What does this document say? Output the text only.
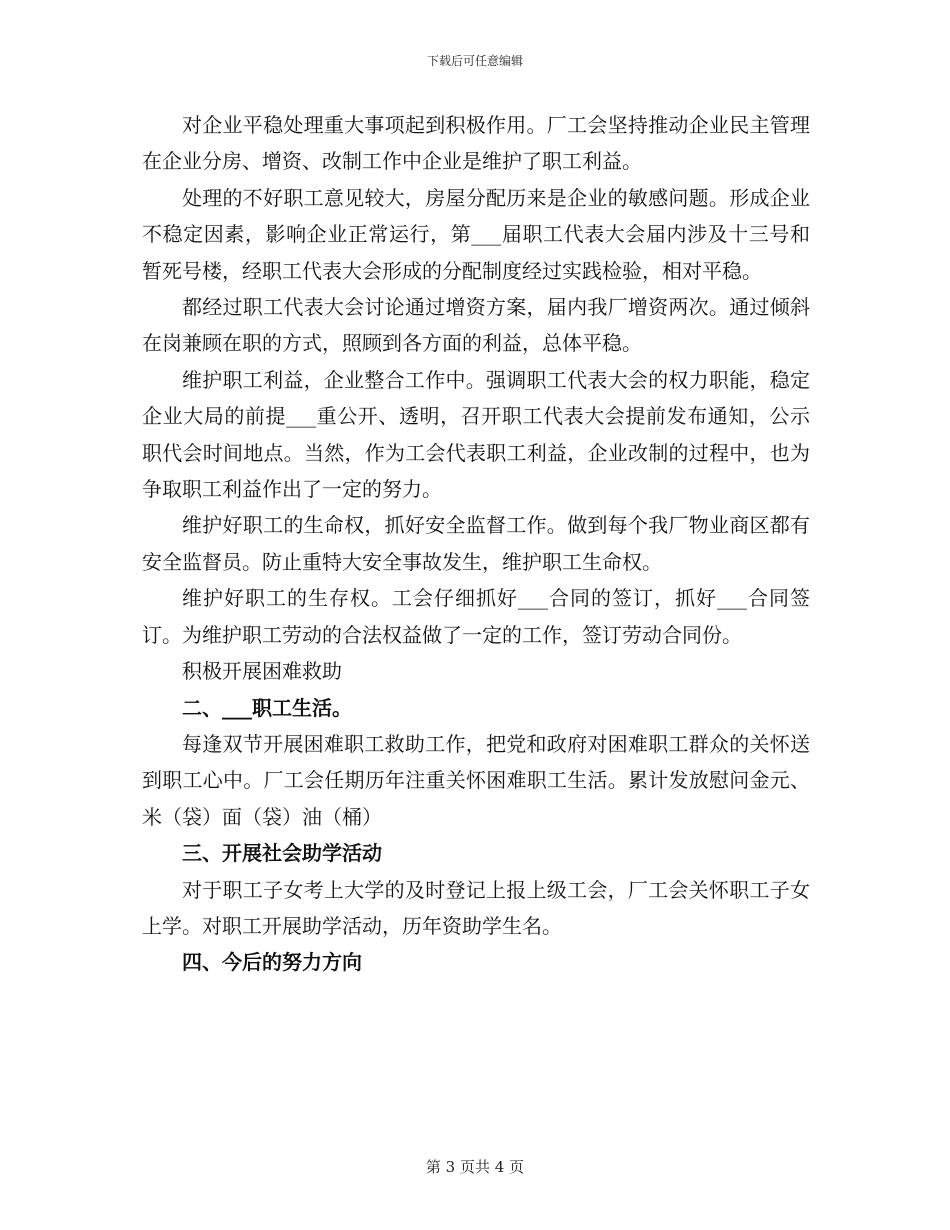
下载后可任意编辑

对企业平稳处理重大事项起到积极作用。厂工会坚持推动企业民主管理在企业分房、增资、改制工作中企业是维护了职工利益。

处理的不好职工意见较大，房屋分配历来是企业的敏感问题。形成企业不稳定因素，影响企业正常运行，第___届职工代表大会届内涉及十三号和暂死号楼，经职工代表大会形成的分配制度经过实践检验，相对平稳。

都经过职工代表大会讨论通过增资方案，届内我厂增资两次。通过倾斜在岗兼顾在职的方式，照顾到各方面的利益，总体平稳。

维护职工利益，企业整合工作中。强调职工代表大会的权力职能，稳定企业大局的前提___重公开、透明，召开职工代表大会提前发布通知，公示职代会时间地点。当然，作为工会代表职工利益，企业改制的过程中，也为争取职工利益作出了一定的努力。

维护好职工的生命权，抓好安全监督工作。做到每个我厂物业商区都有安全监督员。防止重特大安全事故发生，维护职工生命权。

维护好职工的生存权。工会仔细抓好___合同的签订，抓好___合同签订。为维护职工劳动的合法权益做了一定的工作，签订劳动合同份。

积极开展困难救助

二、___职工生活。

每逢双节开展困难职工救助工作，把党和政府对困难职工群众的关怀送到职工心中。厂工会任期历年注重关怀困难职工生活。累计发放慰问金元、米（袋）面（袋）油（桶）

三、开展社会助学活动

对于职工子女考上大学的及时登记上报上级工会，厂工会关怀职工子女上学。对职工开展助学活动，历年资助学生名。

四、今后的努力方向

第 3 页共 4 页
